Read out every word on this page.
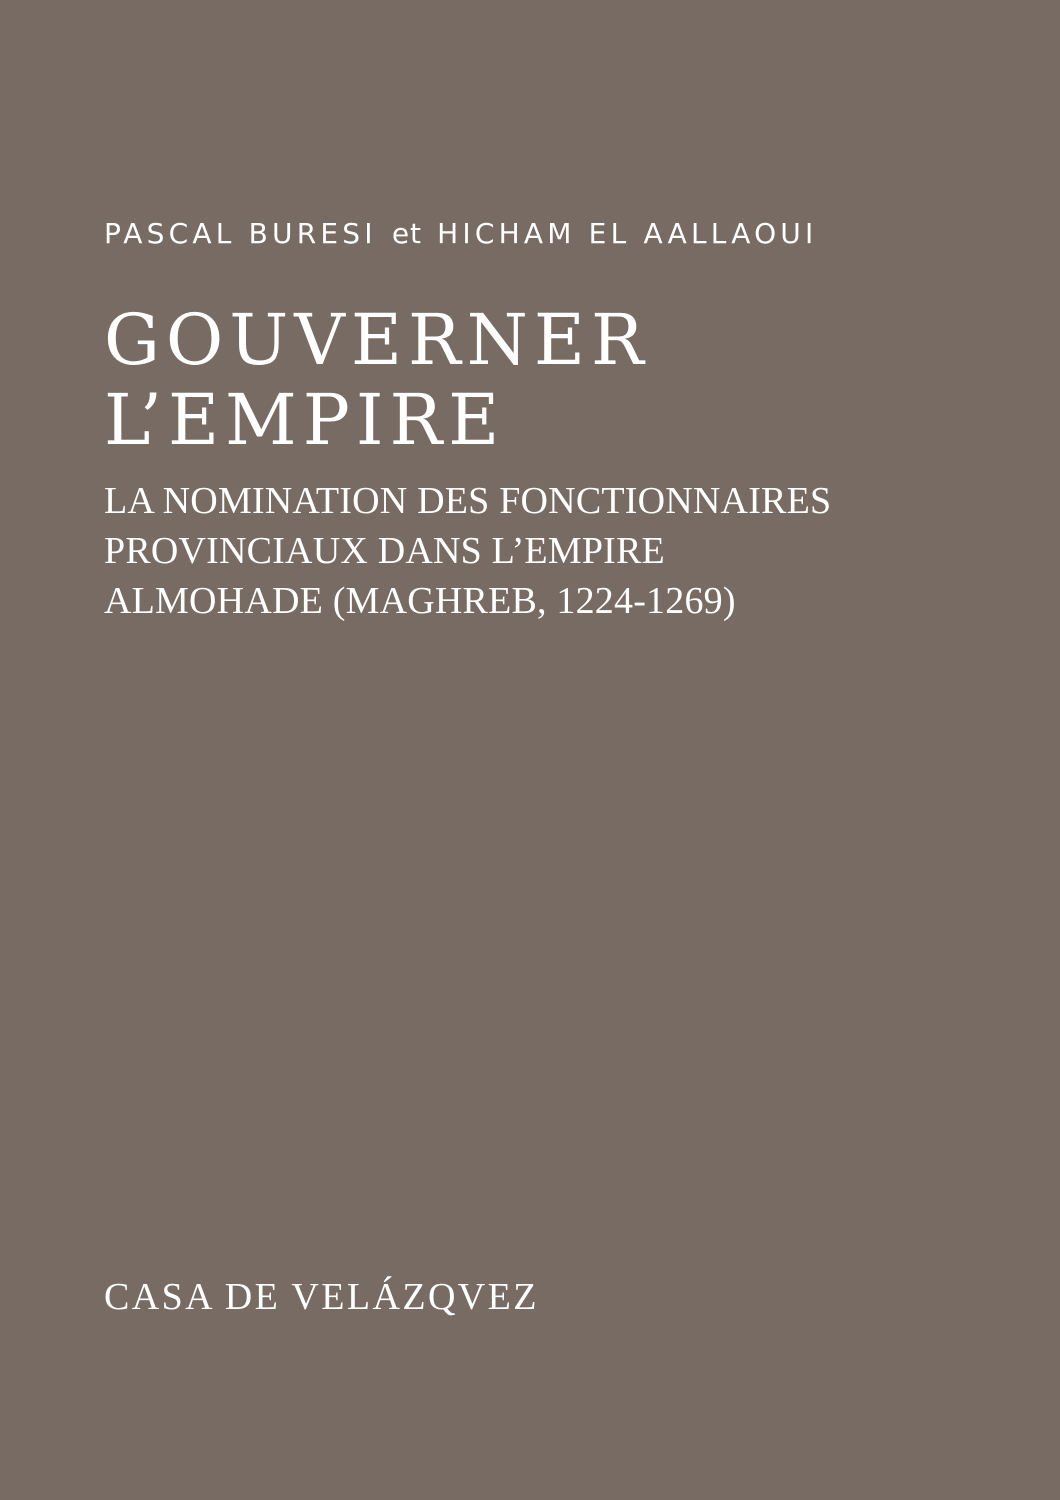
PASCAL BURESI et HICHAM EL AALLAOUI

GOUVERNER
L’EMPIRE
LA NOMINATION DES FONCTIONNAIRES
PROVINCIAUX DANS L’EMPIRE
ALMOHADE (MAGHREB, 1224-1269)

CASA DE VELÁZQVEZ
